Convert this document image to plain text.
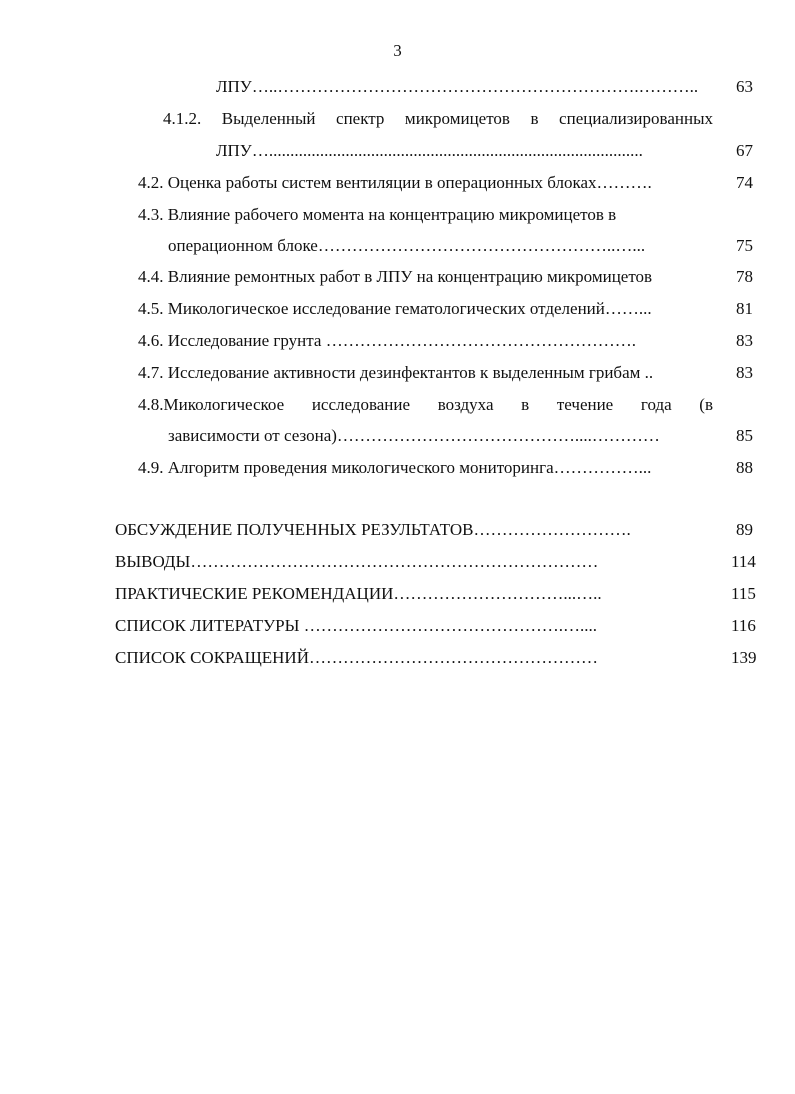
3
ЛПУ…..……………………………………………………….……….. 63
4.1.2. Выделенный спектр микромицетов в специализированных
ЛПУ…........................................................................................	67
4.2. Оценка работы систем вентиляции в операционных блоках……….	74
4.3. Влияние рабочего момента на концентрацию микромицетов в
операционном блоке……………………………………………..…...	75
4.4. Влияние ремонтных работ в ЛПУ на концентрацию микромицетов	78
4.5. Микологическое исследование гематологических отделений……...	81
4.6. Исследование грунта ……………………………………………….	83
4.7. Исследование активности дезинфектантов к выделенным грибам ..	83
4.8.Микологическое исследование воздуха в течение года (в
зависимости от сезона)……………………………………....…………	85
4.9. Алгоритм проведения микологического мониторинга……………...	88
ОБСУЖДЕНИЕ ПОЛУЧЕННЫХ РЕЗУЛЬТАТОВ……………………….	89
ВЫВОДЫ………………………………………………………………	114
ПРАКТИЧЕСКИЕ РЕКОМЕНДАЦИИ…………………………...…..	115
СПИСОК ЛИТЕРАТУРЫ ……………………………………….…....	116
СПИСОК СОКРАЩЕНИЙ……………………………………………	139
